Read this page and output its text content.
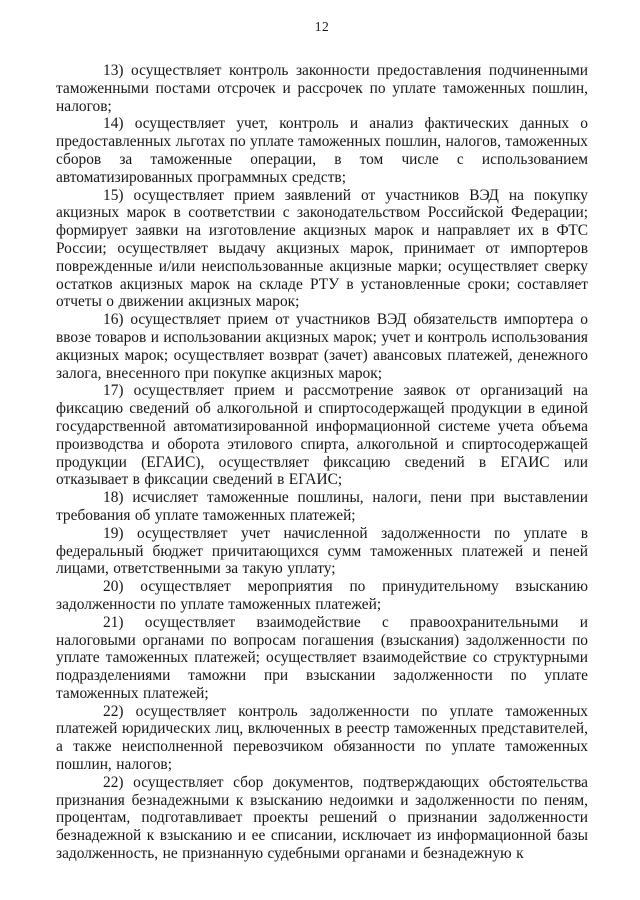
12

13) осуществляет контроль законности предоставления подчиненными таможенными постами отсрочек и рассрочек по уплате таможенных пошлин, налогов;

14) осуществляет учет, контроль и анализ фактических данных о предоставленных льготах по уплате таможенных пошлин, налогов, таможенных сборов за таможенные операции, в том числе с использованием автоматизированных программных средств;

15) осуществляет прием заявлений от участников ВЭД на покупку акцизных марок в соответствии с законодательством Российской Федерации; формирует заявки на изготовление акцизных марок и направляет их в ФТС России; осуществляет выдачу акцизных марок, принимает от импортеров поврежденные и/или неиспользованные акцизные марки; осуществляет сверку остатков акцизных марок на складе РТУ в установленные сроки; составляет отчеты о движении акцизных марок;

16) осуществляет прием от участников ВЭД обязательств импортера о ввозе товаров и использовании акцизных марок; учет и контроль использования акцизных марок; осуществляет возврат (зачет) авансовых платежей, денежного залога, внесенного при покупке акцизных марок;

17) осуществляет прием и рассмотрение заявок от организаций на фиксацию сведений об алкогольной и спиртосодержащей продукции в единой государственной автоматизированной информационной системе учета объема производства и оборота этилового спирта, алкогольной и спиртосодержащей продукции (ЕГАИС), осуществляет фиксацию сведений в ЕГАИС или отказывает в фиксации сведений в ЕГАИС;

18) исчисляет таможенные пошлины, налоги, пени при выставлении требования об уплате таможенных платежей;

19) осуществляет учет начисленной задолженности по уплате в федеральный бюджет причитающихся сумм таможенных платежей и пеней лицами, ответственными за такую уплату;

20) осуществляет мероприятия по принудительному взысканию задолженности по уплате таможенных платежей;

21) осуществляет взаимодействие с правоохранительными и налоговыми органами по вопросам погашения (взыскания) задолженности по уплате таможенных платежей; осуществляет взаимодействие со структурными подразделениями таможни при взыскании задолженности по уплате таможенных платежей;

22) осуществляет контроль задолженности по уплате таможенных платежей юридических лиц, включенных в реестр таможенных представителей, а также неисполненной перевозчиком обязанности по уплате таможенных пошлин, налогов;

22) осуществляет сбор документов, подтверждающих обстоятельства признания безнадежными к взысканию недоимки и задолженности по пеням, процентам, подготавливает проекты решений о признании задолженности безнадежной к взысканию и ее списании, исключает из информационной базы задолженность, не признанную судебными органами и безнадежную к
